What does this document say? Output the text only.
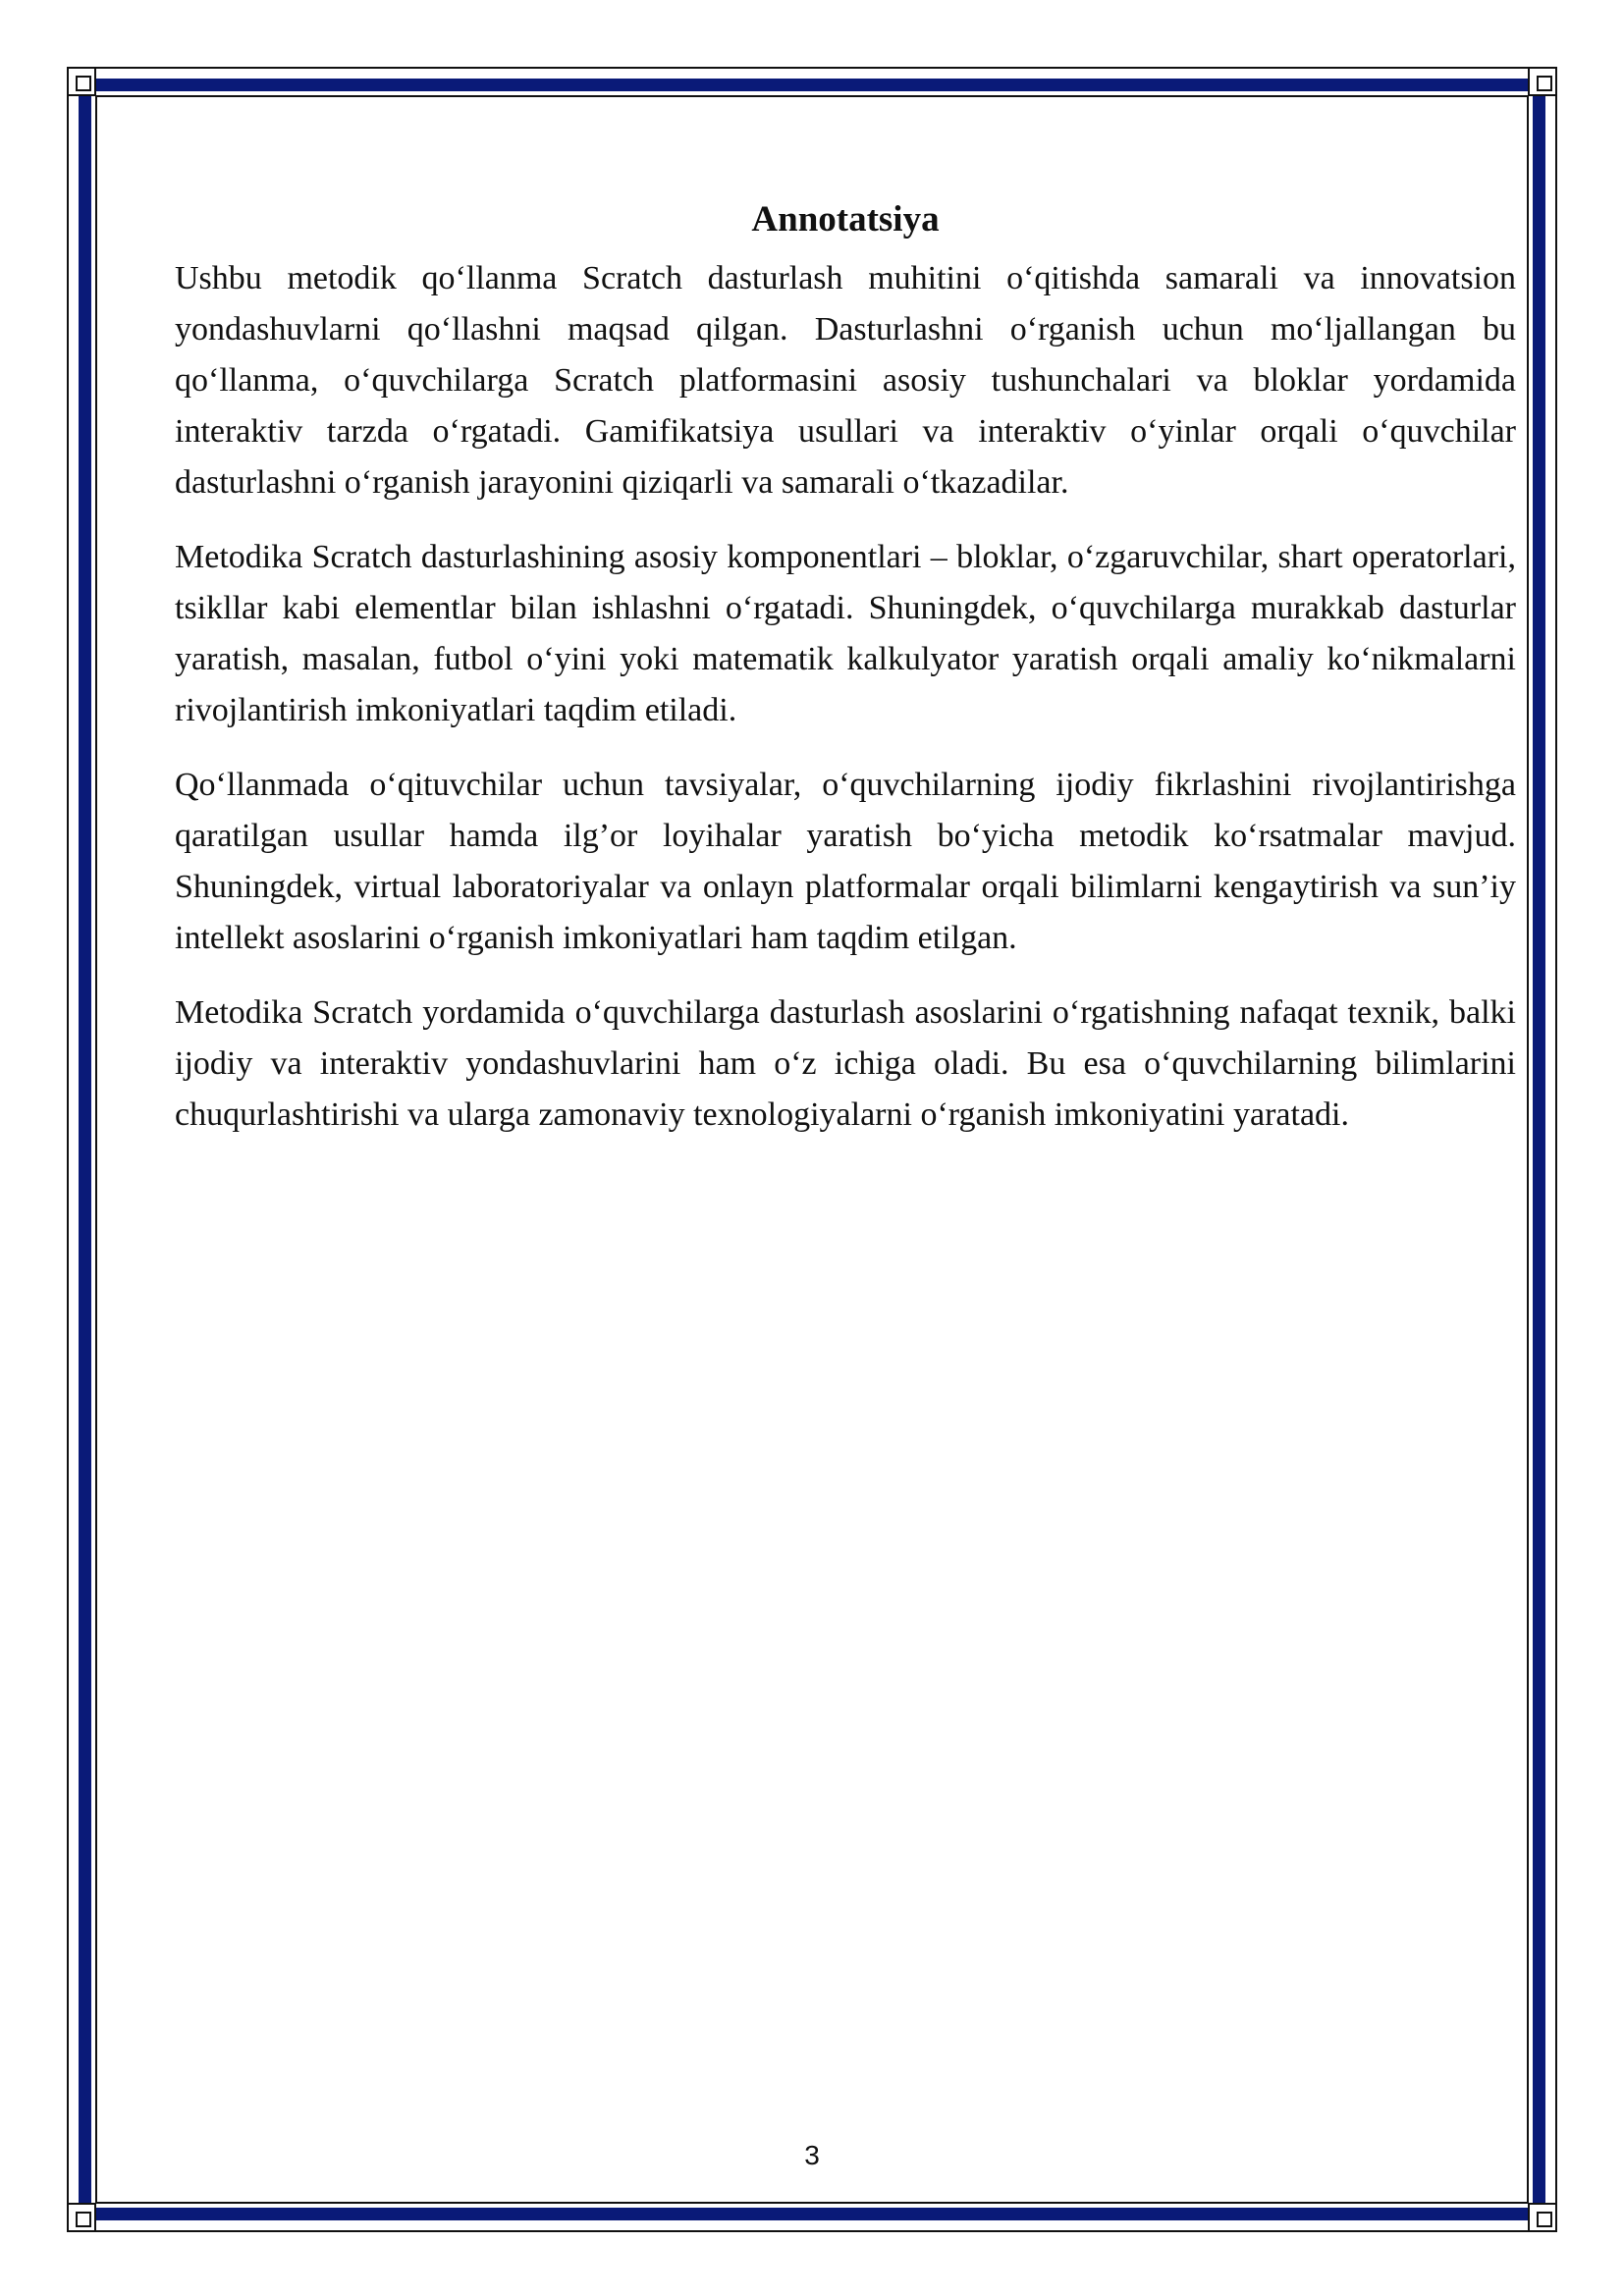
Annotatsiya

Ushbu metodik qo‘llanma Scratch dasturlash muhitini o‘qitishda samarali va innovatsion yondashuvlarni qo‘llashni maqsad qilgan. Dasturlashni o‘rganish uchun mo‘ljallangan bu qo‘llanma, o‘quvchilarga Scratch platformasini asosiy tushunchalari va bloklar yordamida interaktiv tarzda o‘rgatadi. Gamifikatsiya usullari va interaktiv o‘yinlar orqali o‘quvchilar dasturlashni o‘rganish jarayonini qiziqarli va samarali o‘tkazadilar.

Metodika Scratch dasturlashining asosiy komponentlari – bloklar, o‘zgaruvchilar, shart operatorlari, tsikllar kabi elementlar bilan ishlashni o‘rgatadi. Shuningdek, o‘quvchilarga murakkab dasturlar yaratish, masalan, futbol o‘yini yoki matematik kalkulyator yaratish orqali amaliy ko‘nikmalarni rivojlantirish imkoniyatlari taqdim etiladi.

Qo‘llanmada o‘qituvchilar uchun tavsiyalar, o‘quvchilarning ijodiy fikrlashini rivojlantirishga qaratilgan usullar hamda ilg’or loyihalar yaratish bo‘yicha metodik ko‘rsatmalar mavjud. Shuningdek, virtual laboratoriyalar va onlayn platformalar orqali bilimlarni kengaytirish va sun’iy intellekt asoslarini o‘rganish imkoniyatlari ham taqdim etilgan.

Metodika Scratch yordamida o‘quvchilarga dasturlash asoslarini o‘rgatishning nafaqat texnik, balki ijodiy va interaktiv yondashuvlarini ham o‘z ichiga oladi. Bu esa o‘quvchilarning bilimlarini chuqurlashtirishi va ularga zamonaviy texnologiyalarni o‘rganish imkoniyatini yaratadi.

3
